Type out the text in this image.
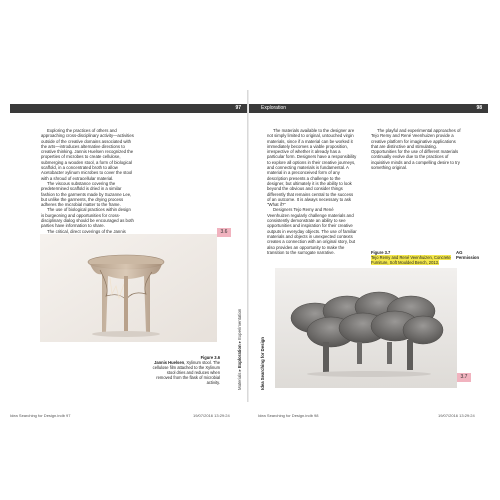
97

Exploring the practices of others and approaching cross-disciplinary activity—activities outside of the creative domains associated with the arts—introduces alternative directions to creative thinking. Jannis Huelsen recognized the properties of microbes to create cellulose, submerging a wooden stool, a form of biological scaffold, in a concentrated broth to allow Acetobacter xylinum microbes to cover the stool with a shroud of extracellular material.

The viscous substance covering the predetermined scaffold is dried in a similar fashion to the garments made by Suzanne Lee, but unlike the garments, the drying process adheres the microbial matter to the frame.

The use of biological practices within design is burgeoning and opportunities for cross-disciplinary dialog should be encouraged as both parties have information to share.

The critical, direct coverings of the Jannis	3.6
Figure 3.6
Jannis Huelsen, Xylinum stool. The cellulose film attached to the Xylinum stool dries and reduces when removed from the flask of microbial activity.	Materials ▸ Exploration ▸ Experimentation
Exploration	98

The materials available to the designer are not simply limited to original, untouched virgin materials, since if a material can be worked it immediately becomes a viable proposition, irrespective of whether it already has a particular form. Designers have a responsibility to explore all options in their creative journeys, and connecting materials is fundamental. A material in a preconceived form of any description presents a challenge to the designer, but ultimately it is the ability to look beyond the obvious and consider things differently that remains central to the success of an outcome. It is always necessary to ask "What if?"

Designers Tejo Remy and René Veenhuizen regularly challenge materials and consistently demonstrate an ability to see opportunities and inspiration for their creative outputs in everyday objects. The use of familiar materials and objects in unexpected contexts creates a connection with an original story, but also provides an opportunity to make the transition to the surrogate narrative.

The playful and experimental approaches of Tejo Remy and René Veenhuizen provide a creative platform for imaginative applications that are distinctive and stimulating. Opportunities for the use of different materials continually evolve due to the practices of inquisitive minds and a compelling desire to try something original.

Figure 3.7
Tejo Remy and René Veenhuizen, Concrete Furniture, Soft Moulded Bench, 2013.
AG
Permission
3.7
Idea Searching for Design
Idea Searching for Design.indb 97	19/07/2016 13:29:24	Idea Searching for Design.indb 98	19/07/2016 13:29:24
